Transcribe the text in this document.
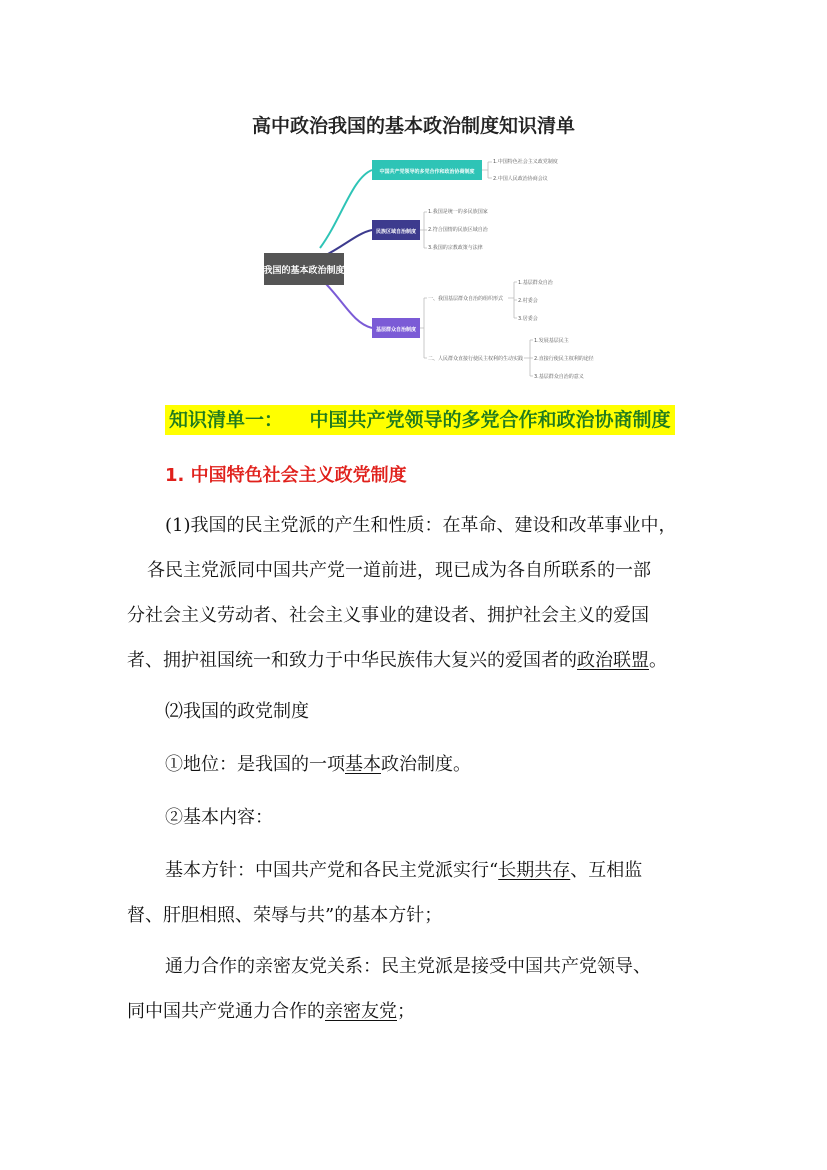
高中政治我国的基本政治制度知识清单
我国的基本政治制度
中国共产党领导的多党合作和政治协商制度
1.中国特色社会主义政党制度
2.中国人民政治协商会议
民族区域自治制度
1.我国是统一的多民族国家
2.符合国情的民族区域自治
3.我国的宗教政策与法律
基层群众自治制度
一、我国基层群众自治的组织形式
二、人民群众直接行使民主权利的生动实践
1.基层群众自治
2.村委会
3.居委会
1.发展基层民主
2.直接行使民主权利的途径
3.基层群众自治的意义
知识清单一： 中国共产党领导的多党合作和政治协商制度
1. 中国特色社会主义政党制度
(1)我国的民主党派的产生和性质：在革命、建设和改革事业中，
各民主党派同中国共产党一道前进，现已成为各自所联系的一部
分社会主义劳动者、社会主义事业的建设者、拥护社会主义的爱国
者、拥护祖国统一和致力于中华民族伟大复兴的爱国者的政治联盟。
⑵我国的政党制度
①地位：是我国的一项基本政治制度。
②基本内容：
基本方针：中国共产党和各民主党派实行“长期共存、互相监
督、肝胆相照、荣辱与共”的基本方针；
通力合作的亲密友党关系：民主党派是接受中国共产党领导、
同中国共产党通力合作的亲密友党；
